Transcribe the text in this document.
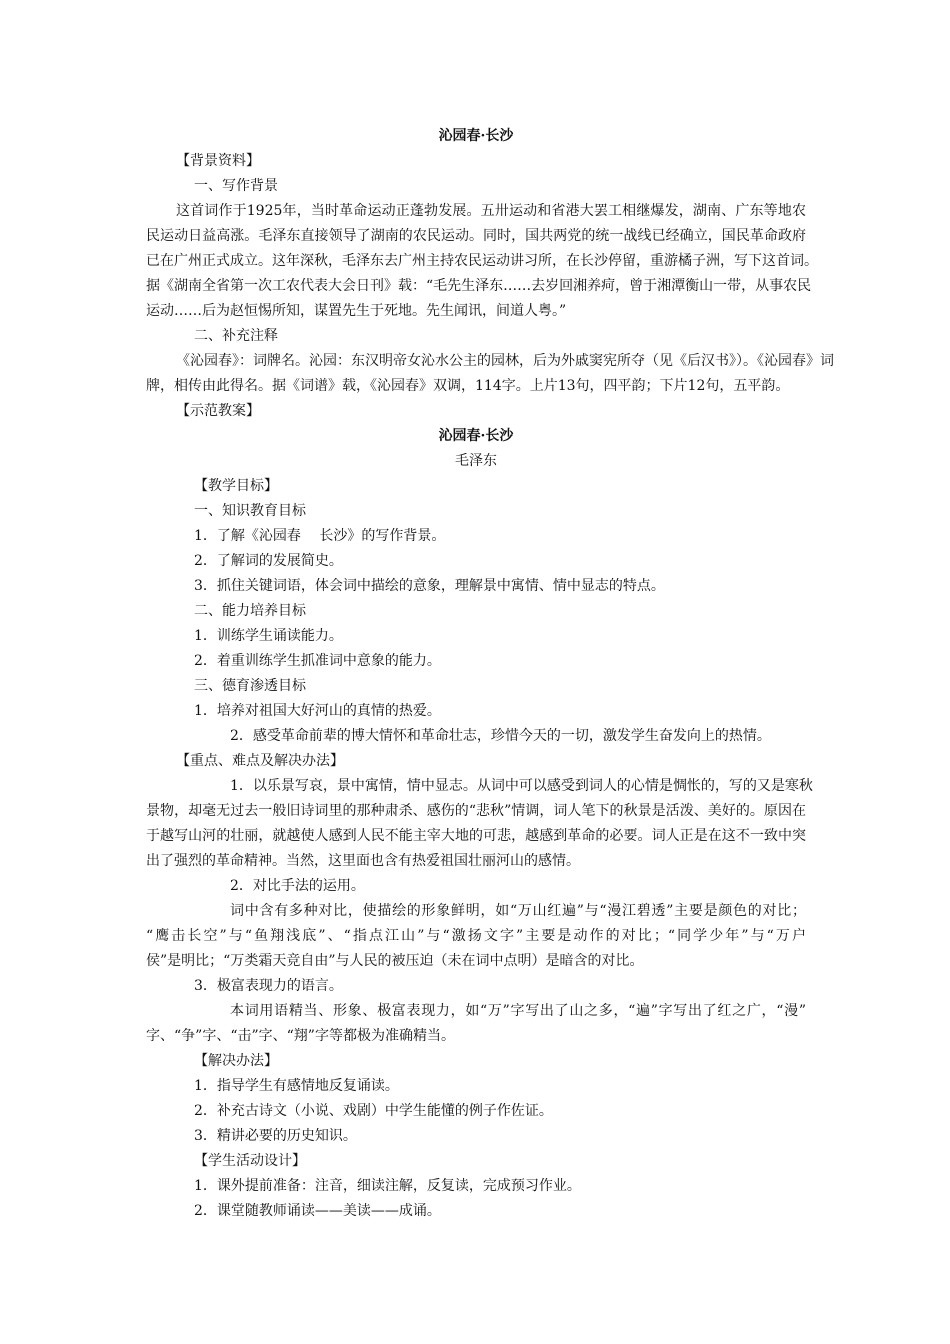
沁园春·长沙
【背景资料】
一、写作背景
这首词作于1925年，当时革命运动正蓬勃发展。五卅运动和省港大罢工相继爆发，湖南、广东等地农
民运动日益高涨。毛泽东直接领导了湖南的农民运动。同时，国共两党的统一战线已经确立，国民革命政府
已在广州正式成立。这年深秋，毛泽东去广州主持农民运动讲习所，在长沙停留，重游橘子洲，写下这首词。
据《湖南全省第一次工农代表大会日刊》载：“毛先生泽东……去岁回湘养疴，曾于湘潭衡山一带，从事农民
运动……后为赵恒惕所知，谋置先生于死地。先生闻讯，间道人粤。”
二、补充注释
《沁园春》：词牌名。沁园：东汉明帝女沁水公主的园林，后为外戚窦宪所夺（见《后汉书》）。《沁园春》词
牌，相传由此得名。据《词谱》载，《沁园春》双调，114字。上片13句，四平韵；下片12句，五平韵。
【示范教案】
沁园春·长沙
毛泽东
【教学目标】
一、知识教育目标
1．了解《沁园春　 长沙》的写作背景。
2．了解词的发展简史。
3．抓住关键词语，体会词中描绘的意象，理解景中寓情、情中显志的特点。
二、能力培养目标
1．训练学生诵读能力。
2．着重训练学生抓准词中意象的能力。
三、德育渗透目标
1．培养对祖国大好河山的真情的热爱。
2．感受革命前辈的博大情怀和革命壮志，珍惜今天的一切，激发学生奋发向上的热情。
【重点、难点及解决办法】
1．以乐景写哀，景中寓情，情中显志。从词中可以感受到词人的心情是惆怅的，写的又是寒秋
景物，却毫无过去一般旧诗词里的那种肃杀、感伤的“悲秋”情调，词人笔下的秋景是活泼、美好的。原因在
于越写山河的壮丽，就越使人感到人民不能主宰大地的可悲，越感到革命的必要。词人正是在这不一致中突
出了强烈的革命精神。当然，这里面也含有热爱祖国壮丽河山的感情。
2．对比手法的运用。
词中含有多种对比，使描绘的形象鲜明，如“万山红遍”与“漫江碧透”主要是颜色的对比；
“鹰击长空”与“鱼翔浅底”、“指点江山”与“激扬文字”主要是动作的对比；“同学少年”与“万户
侯”是明比；“万类霜天竞自由”与人民的被压迫（未在词中点明）是暗含的对比。
3．极富表现力的语言。
本词用语精当、形象、极富表现力，如“万”字写出了山之多，“遍”字写出了红之广，“漫”
字、“争”字、“击”字、“翔”字等都极为准确精当。
【解决办法】
1．指导学生有感情地反复诵读。
2．补充古诗文（小说、戏剧）中学生能懂的例子作佐证。
3．精讲必要的历史知识。
【学生活动设计】
1．课外提前准备：注音，细读注解，反复读，完成预习作业。
2．课堂随教师诵读——美读——成诵。
